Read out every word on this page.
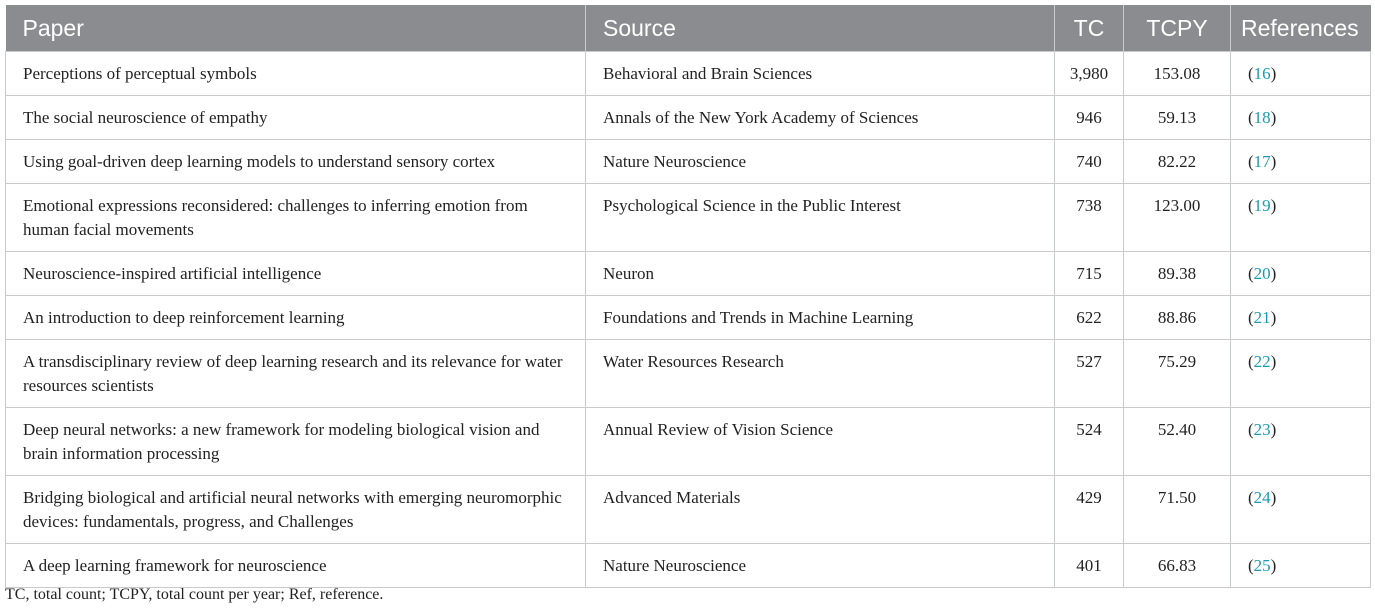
Paper	Source	TC	TCPY	References
Perceptions of perceptual symbols	Behavioral and Brain Sciences	3,980	153.08	(16)
The social neuroscience of empathy	Annals of the New York Academy of Sciences	946	59.13	(18)
Using goal-driven deep learning models to understand sensory cortex	Nature Neuroscience	740	82.22	(17)
Emotional expressions reconsidered: challenges to inferring emotion from human facial movements	Psychological Science in the Public Interest	738	123.00	(19)
Neuroscience-inspired artificial intelligence	Neuron	715	89.38	(20)
An introduction to deep reinforcement learning	Foundations and Trends in Machine Learning	622	88.86	(21)
A transdisciplinary review of deep learning research and its relevance for water resources scientists	Water Resources Research	527	75.29	(22)
Deep neural networks: a new framework for modeling biological vision and brain information processing	Annual Review of Vision Science	524	52.40	(23)
Bridging biological and artificial neural networks with emerging neuromorphic devices: fundamentals, progress, and Challenges	Advanced Materials	429	71.50	(24)
A deep learning framework for neuroscience	Nature Neuroscience	401	66.83	(25)
TC, total count; TCPY, total count per year; Ref, reference.
